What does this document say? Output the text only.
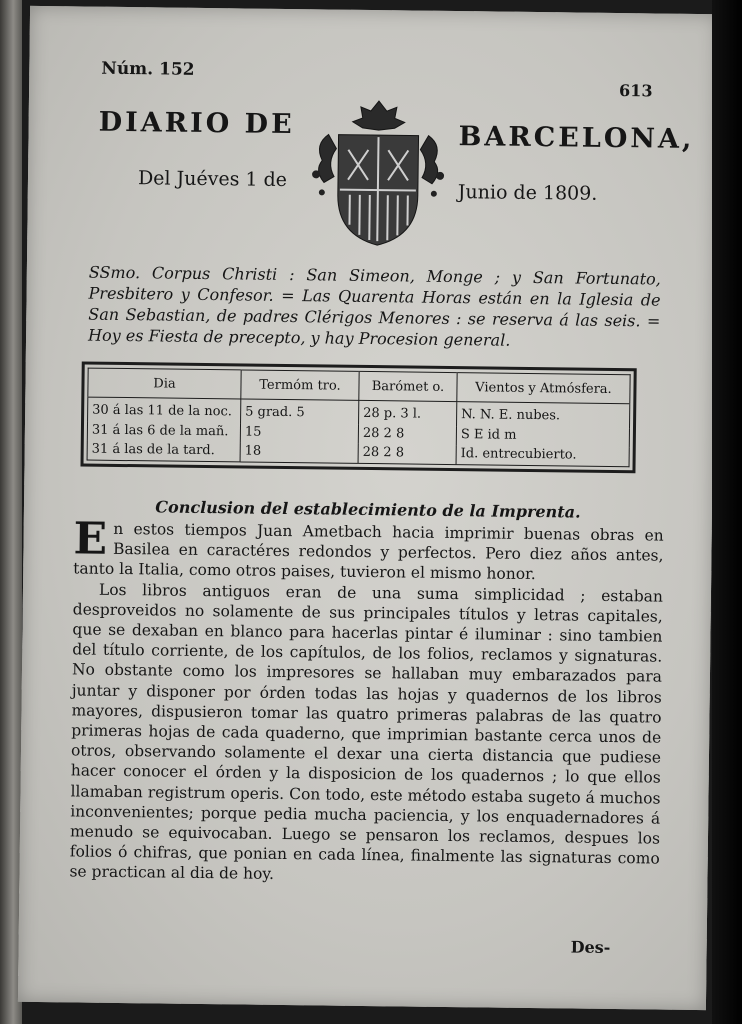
Núm. 152
613
DIARIO DE	BARCELONA,
Del Juéves 1 de
Junio de 1809.
SSmo. Corpus Christi : San Simeon, Monge ; y San Fortunato, Presbitero y Confesor. = Las Quarenta Horas están en la Iglesia de San Sebastian, de padres Clérigos Menores : se reserva á las seis. = Hoy es Fiesta de precepto, y hay Procesion general.
Dia	Termóm tro.	Barómet o.	Vientos y Atmósfera.
30 á las 11 de la noc.	5 grad. 5	28 p. 3 l.	N. N. E. nubes.
31 á las 6 de la mañ.	15	28 2 8	S E id m
31 á las de la tard.	18	28 2 8	Id. entrecubierto.
Conclusion del establecimiento de la Imprenta.

En estos tiempos Juan Ametbach hacia imprimir buenas obras en Basilea en caractéres redondos y perfectos. Pero diez años antes, tanto la Italia, como otros paises, tuvieron el mismo honor.

Los libros antiguos eran de una suma simplicidad ; estaban desproveidos no solamente de sus principales títulos y letras capitales, que se dexaban en blanco para hacerlas pintar é iluminar : sino tambien del título corriente, de los capítulos, de los folios, reclamos y signaturas. No obstante como los impresores se hallaban muy embarazados para juntar y disponer por órden todas las hojas y quadernos de los libros mayores, dispusieron tomar las quatro primeras palabras de las quatro primeras hojas de cada quaderno, que imprimian bastante cerca unos de otros, observando solamente el dexar una cierta distancia que pudiese hacer conocer el órden y la disposicion de los quadernos ; lo que ellos llamaban registrum operis. Con todo, este método estaba sugeto á muchos inconvenientes; porque pedia mucha paciencia, y los enquadernadores á menudo se equivocaban. Luego se pensaron los reclamos, despues los folios ó chifras, que ponian en cada línea, finalmente las signaturas como se practican al dia de hoy.

Des-
